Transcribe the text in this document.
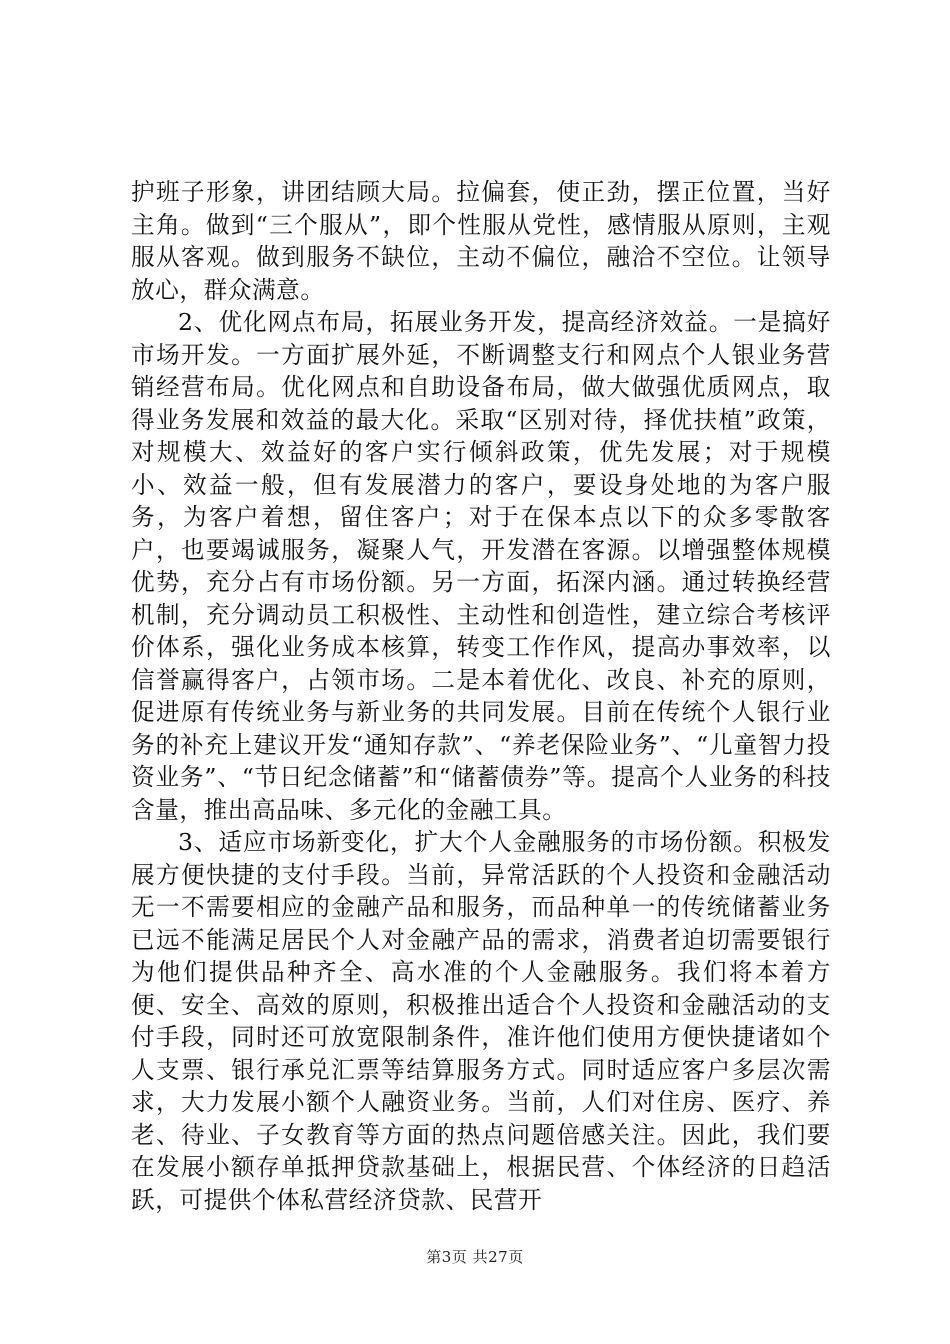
护班子形象，讲团结顾大局。拉偏套，使正劲，摆正位置，当好主角。做到“三个服从”，即个性服从党性，感情服从原则，主观服从客观。做到服务不缺位，主动不偏位，融洽不空位。让领导放心，群众满意。

2、优化网点布局，拓展业务开发，提高经济效益。一是搞好市场开发。一方面扩展外延，不断调整支行和网点个人银业务营销经营布局。优化网点和自助设备布局，做大做强优质网点，取得业务发展和效益的最大化。采取“区别对待，择优扶植”政策，对规模大、效益好的客户实行倾斜政策，优先发展；对于规模小、效益一般，但有发展潜力的客户，要设身处地的为客户服务，为客户着想，留住客户；对于在保本点以下的众多零散客户，也要竭诚服务，凝聚人气，开发潜在客源。以增强整体规模优势，充分占有市场份额。另一方面，拓深内涵。通过转换经营机制，充分调动员工积极性、主动性和创造性，建立综合考核评价体系，强化业务成本核算，转变工作作风，提高办事效率，以信誉赢得客户，占领市场。二是本着优化、改良、补充的原则，促进原有传统业务与新业务的共同发展。目前在传统个人银行业务的补充上建议开发“通知存款”、“养老保险业务”、“儿童智力投资业务”、“节日纪念储蓄”和“储蓄债券”等。提高个人业务的科技含量，推出高品味、多元化的金融工具。

3、适应市场新变化，扩大个人金融服务的市场份额。积极发展方便快捷的支付手段。当前，异常活跃的个人投资和金融活动无一不需要相应的金融产品和服务，而品种单一的传统储蓄业务已远不能满足居民个人对金融产品的需求，消费者迫切需要银行为他们提供品种齐全、高水准的个人金融服务。我们将本着方便、安全、高效的原则，积极推出适合个人投资和金融活动的支付手段，同时还可放宽限制条件，准许他们使用方便快捷诸如个人支票、银行承兑汇票等结算服务方式。同时适应客户多层次需求，大力发展小额个人融资业务。当前，人们对住房、医疗、养老、待业、子女教育等方面的热点问题倍感关注。因此，我们要在发展小额存单抵押贷款基础上，根据民营、个体经济的日趋活跃，可提供个体私营经济贷款、民营开

第3页 共27页
